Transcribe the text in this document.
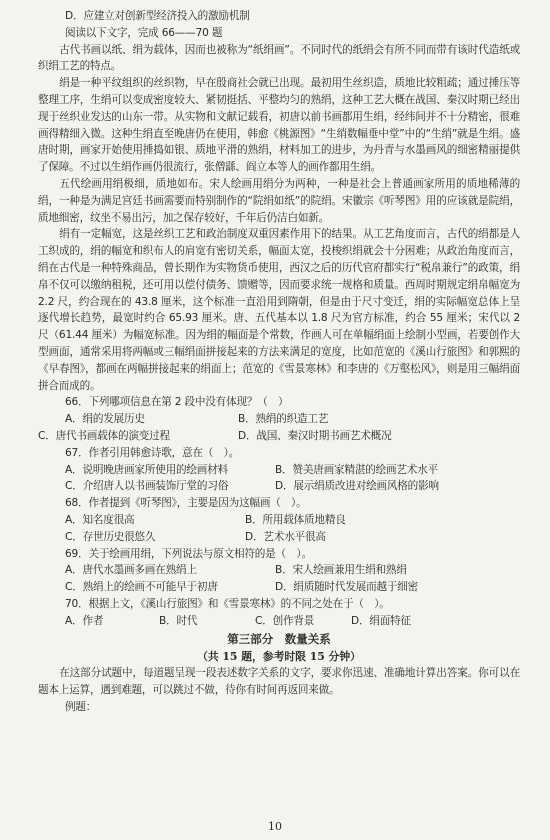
D．应建立对创新型经济投入的激励机制
阅读以下文字，完成 66——70 题
古代书画以纸、绢为载体，因而也被称为“纸绢画”。不同时代的纸绢会有所不同而带有该时代造纸或织绢工艺的特点。
绢是一种平纹组织的丝织物，早在殷商社会就已出现。最初用生丝织造，质地比较粗疏；通过捶压等整理工序，生绢可以变成密度较大、紧韧挺括、平整均匀的熟绢，这种工艺大概在战国、秦汉时期已经出现于丝织业发达的山东一带。从实物和文献记载看，初唐以前书画都用生绢，经纬间并不十分精密，很难画得精细入微。这种生绢直至晚唐仍在使用，韩愈《桃源图》“生绡数幅垂中堂”中的“生绡”就是生绢。盛唐时期，画家开始使用捶捣如银、质地平滑的熟绢，材料加工的进步，为丹青与水墨画风的细密精丽提供了保障。不过以生绢作画仍很流行，张僧繇、阎立本等人的画作都用生绢。
五代绘画用绢极细，质地如布。宋人绘画用绢分为两种，一种是社会上普通画家所用的质地稀薄的绢，一种是为满足宫廷书画需要而特别制作的“院绢如纸”的院绢。宋徽宗《听琴图》用的应该就是院绢，质地细密，纹坐不易出污，加之保存较好，千年后仍洁白如新。
绢有一定幅宽，这是丝织工艺和政治制度双重因素作用下的结果。从工艺角度而言，古代的绢都是人工织成的，绢的幅宽和织布人的肩宽有密切关系，幅面太宽，投梭织绢就会十分困难；从政治角度而言，绢在古代是一种特殊商品，曾长期作为实物货币使用，西汉之后的历代官府都实行“税帛兼行”的政策，绢帛不仅可以缴纳租税，还可用以偿付债务、馈赠等，因而要求统一规格和质量。西周时期规定绢帛幅宽为 2.2 尺，约合现在的 43.8 厘米，这个标准一直沿用到隋朝，但是由于尺寸变迁，绢的实际幅宽总体上呈逐代增长趋势，最宽时约合 65.93 厘米。唐、五代基本以 1.8 尺为官方标准，约合 55 厘米；宋代以 2 尺（61.44 厘米）为幅宽标准。因为绢的幅面是个常数，作画人可在单幅绢面上绘制小型画，若要创作大型画面，通常采用将两幅或三幅绢面拼接起来的方法来满足的宽度，比如范宽的《溪山行旅图》和郭熙的《早春图》，都画在两幅拼接起来的绢面上；范宽的《雪景寒林》和李唐的《万壑松风》，则是用三幅绢面拼合而成的。
66．下列哪项信息在第 2 段中没有体现？（　）
A．绢的发展历史	B．熟绢的织造工艺
C．唐代书画载体的演变过程	D．战国、秦汉时期书画艺术概况
67．作者引用韩愈诗歌，意在（　）。
A．说明晚唐画家所使用的绘画材料	B．赞美唐画家精湛的绘画艺术水平
C．介绍唐人以书画装饰厅堂的习俗	D．展示绢质改进对绘画风格的影响
68．作者提到《听琴图》，主要是因为这幅画（　）。
A．知名度很高	B．所用载体质地精良
C．存世历史很悠久	D．艺术水平很高
69．关于绘画用绢，下列说法与原文相符的是（　）。
A．唐代水墨画多画在熟绢上	B．宋人绘画兼用生绢和熟绢
C．熟绢上的绘画不可能早于初唐	D．绢质随时代发展而越于细密
70．根据上文，《溪山行旅图》和《雪景寒林》的不同之处在于（　）。
A．作者	B．时代	C．创作背景	D．绢面特征
第三部分　数量关系
（共 15 题，参考时限 15 分钟）
在这部分试题中，每道题呈现一段表述数字关系的文字，要求你迅速、准确地计算出答案。你可以在题本上运算，遇到难题，可以跳过不做，待你有时间再返回来做。
例题：
10
